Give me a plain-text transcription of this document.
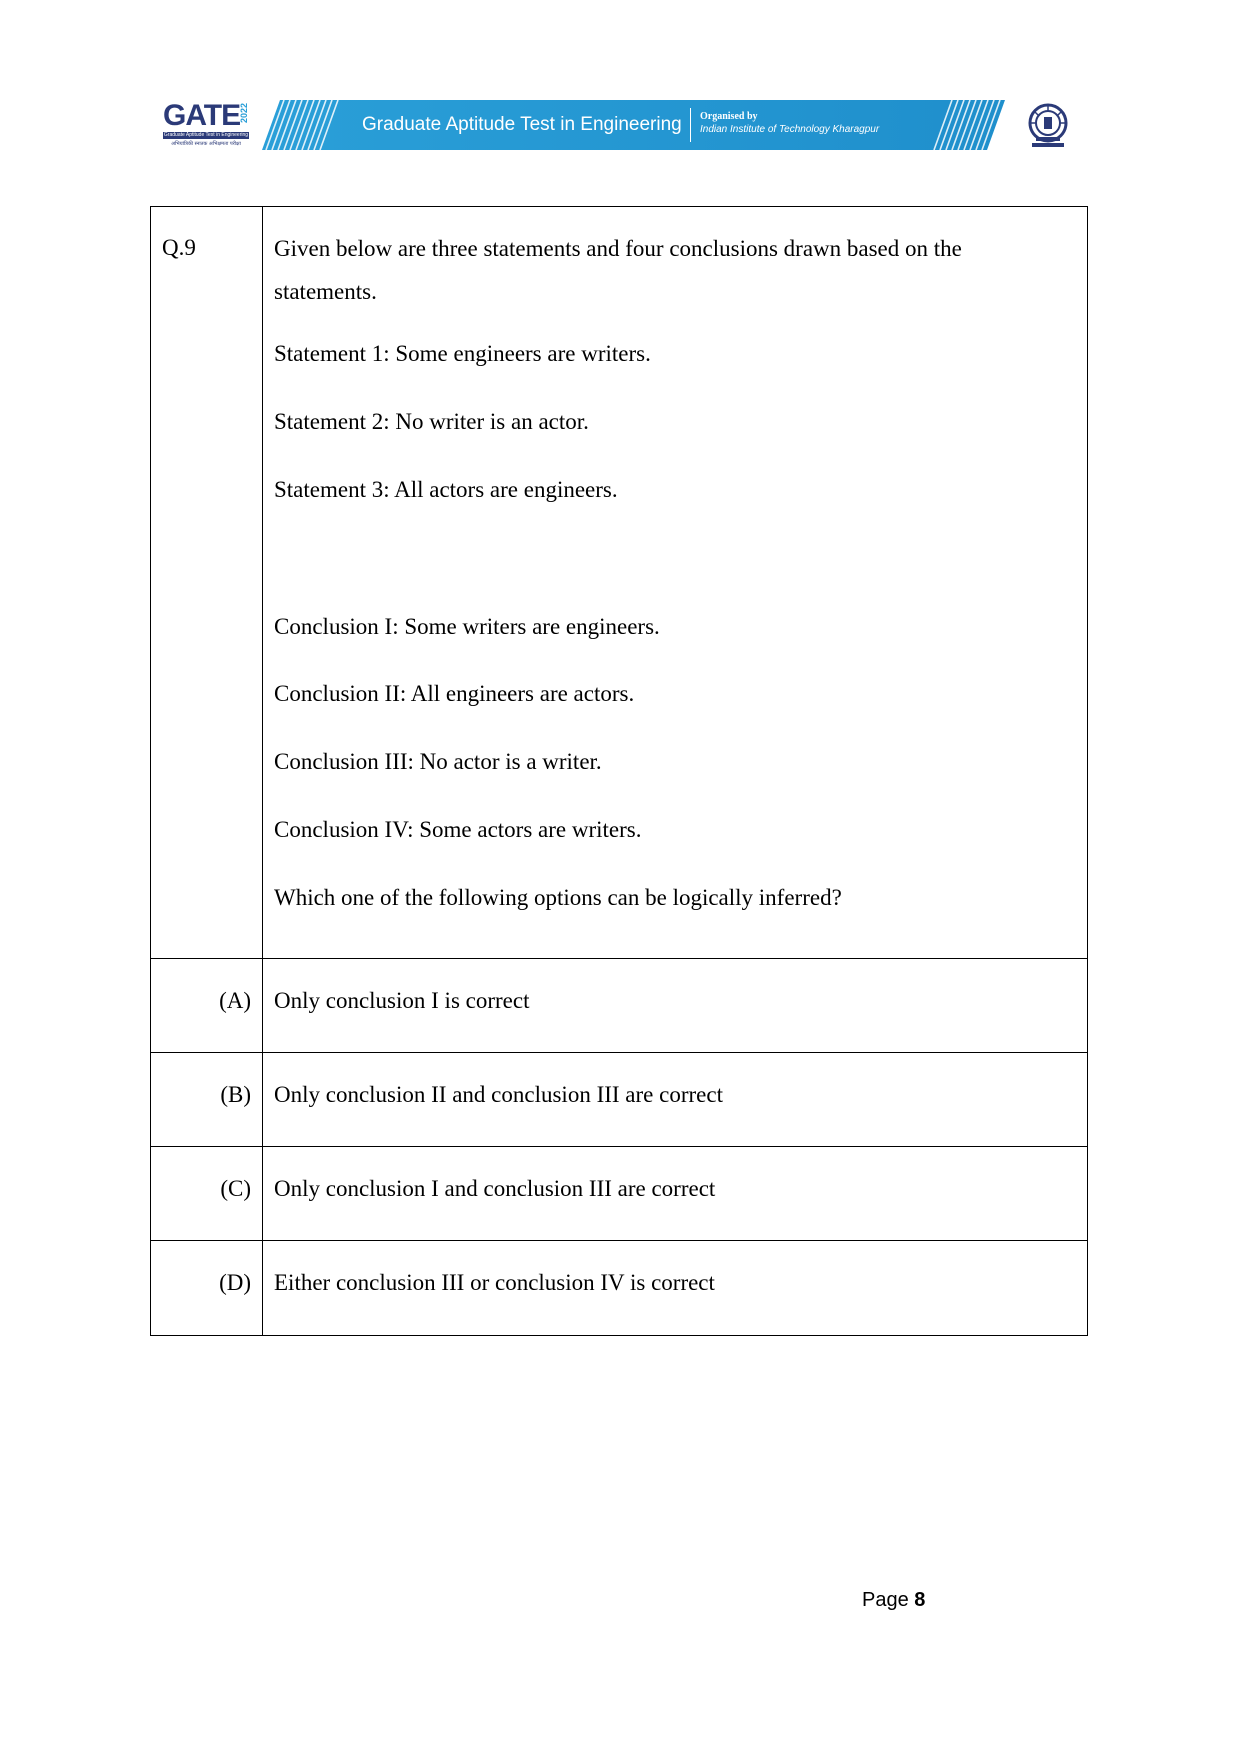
GATE
2022
Graduate Aptitude Test in Engineering
अभियांत्रिकी स्नातक अभिक्षमता परीक्षा
Graduate Aptitude Test in Engineering Organised by
Indian Institute of Technology Kharagpur
Q.9	Given below are three statements and four conclusions drawn based on the statements.

Statement 1: Some engineers are writers.

Statement 2: No writer is an actor.

Statement 3: All actors are engineers.

Conclusion I: Some writers are engineers.

Conclusion II: All engineers are actors.

Conclusion III: No actor is a writer.

Conclusion IV: Some actors are writers.

Which one of the following options can be logically inferred?

(A)	Only conclusion I is correct
(B)	Only conclusion II and conclusion III are correct
(C)	Only conclusion I and conclusion III are correct
(D)	Either conclusion III or conclusion IV is correct
Page 8
